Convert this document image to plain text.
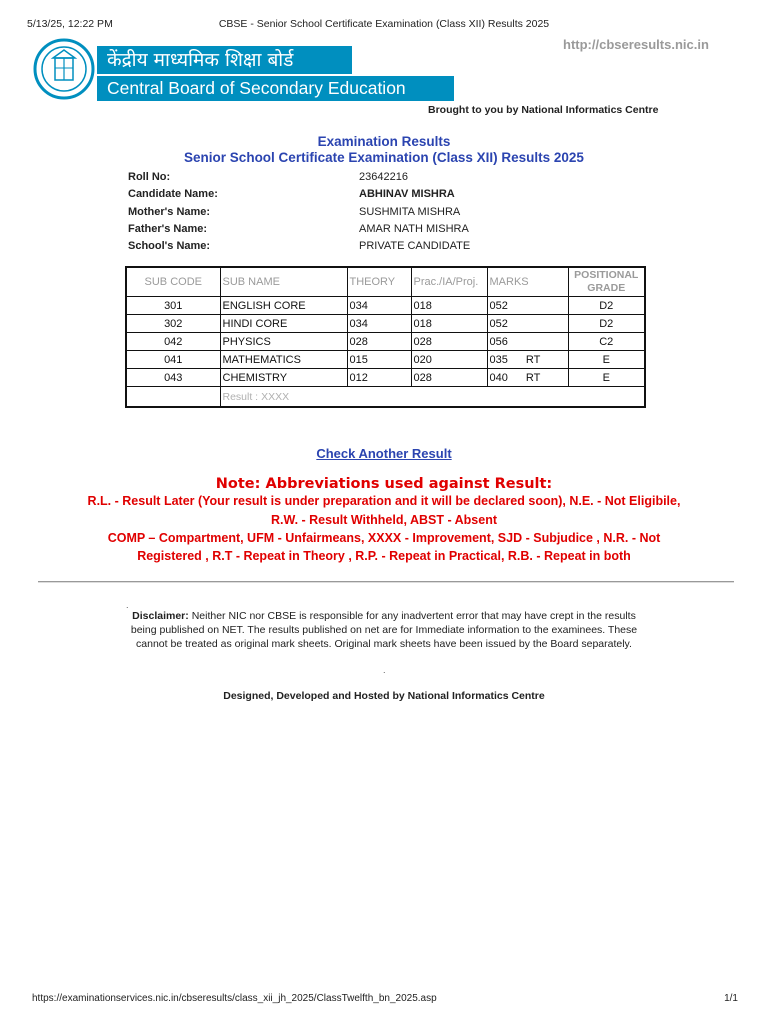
CBSE - Senior School Certificate Examination (Class XII) Results 2025
5/13/25, 12:22 PM
http://cbseresults.nic.in
केंद्रीय माध्यमिक शिक्षा बोर्ड
Central Board of Secondary Education
Brought to you by National Informatics Centre
Examination Results
Senior School Certificate Examination (Class XII) Results 2025
Roll No:	23642216
Candidate Name:	ABHINAV MISHRA
Mother's Name:	SUSHMITA MISHRA
Father's Name:	AMAR NATH MISHRA
School's Name:	PRIVATE CANDIDATE
SUB CODE	SUB NAME	THEORY	Prac./IA/Proj.	MARKS	POSITIONAL
GRADE
301	ENGLISH CORE	034	018	052	D2
302	HINDI CORE	034	018	052	D2
042	PHYSICS	028	028	056	C2
041	MATHEMATICS	015	020	035 RT	E
043	CHEMISTRY	012	028	040 RT	E
	Result : XXXX				
Check Another Result
Note: Abbreviations used against Result:
R.L. - Result Later (Your result is under preparation and it will be declared soon), N.E. - Not Eligibile,
R.W. - Result Withheld, ABST - Absent
COMP – Compartment, UFM - Unfairmeans, XXXX - Improvement, SJD - Subjudice , N.R. - Not
Registered , R.T - Repeat in Theory , R.P. - Repeat in Practical, R.B. - Repeat in both
.
Disclaimer: Neither NIC nor CBSE is responsible for any inadvertent error that may have crept in the results being published on NET. The results published on net are for Immediate information to the examinees. These cannot be treated as original mark sheets. Original mark sheets have been issued by the Board separately.
.
Designed, Developed and Hosted by National Informatics Centre
https://examinationservices.nic.in/cbseresults/class_xii_jh_2025/ClassTwelfth_bn_2025.asp	1/1
